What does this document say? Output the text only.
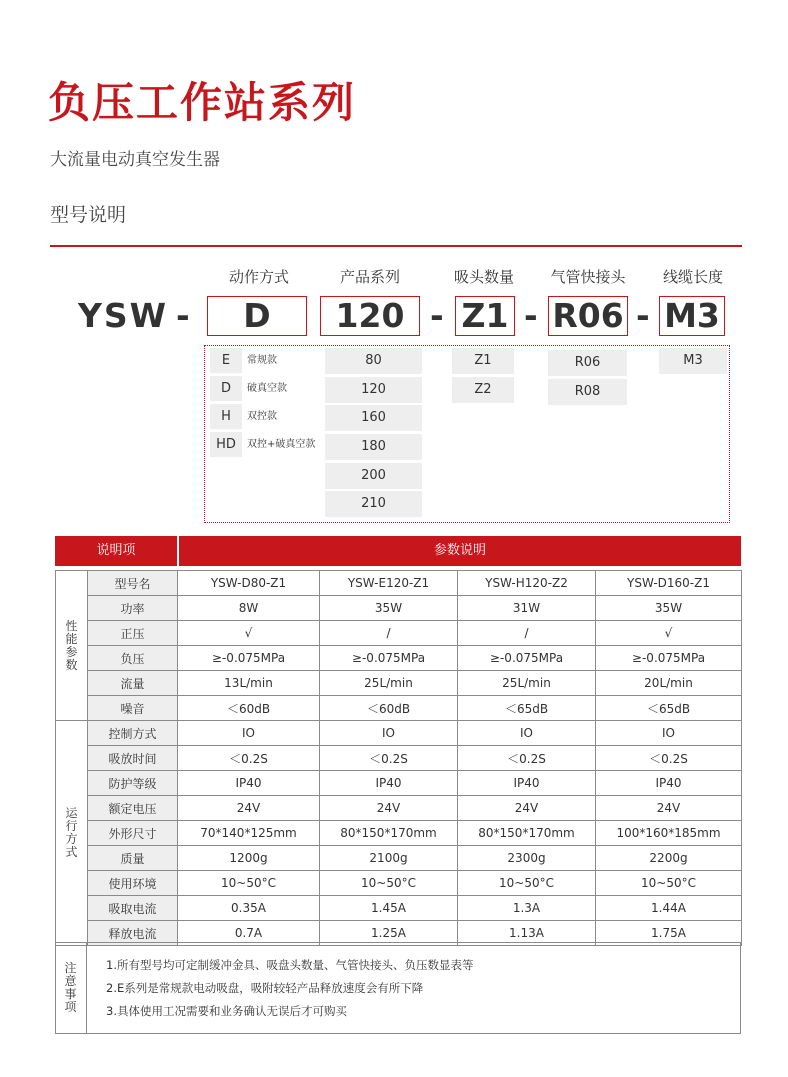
负压工作站系列
大流量电动真空发生器
型号说明
动作方式	产品系列	吸头数量	气管快接头	线缆长度
YSW -	D	120 - Z1 - R06 - M3
E	常规款
D	破真空款
H	双控款
HD	双控+破真空款
80
120
160
180
200
210
Z1
Z2
R06
R08
M3
说明项	参数说明
性能参数	型号名	YSW-D80-Z1	YSW-E120-Z1	YSW-H120-Z2	YSW-D160-Z1
	功率	8W	35W	31W	35W
	正压	√	/	/	√
	负压	≥-0.075MPa	≥-0.075MPa	≥-0.075MPa	≥-0.075MPa
	流量	13L/min	25L/min	25L/min	20L/min
	噪音	＜60dB	＜60dB	＜65dB	＜65dB
运行方式	控制方式	IO	IO	IO	IO
	吸放时间	＜0.2S	＜0.2S	＜0.2S	＜0.2S
	防护等级	IP40	IP40	IP40	IP40
	额定电压	24V	24V	24V	24V
	外形尺寸	70*140*125mm	80*150*170mm	80*150*170mm	100*160*185mm
	质量	1200g	2100g	2300g	2200g
	使用环境	10~50°C	10~50°C	10~50°C	10~50°C
	吸取电流	0.35A	1.45A	1.3A	1.44A
	释放电流	0.7A	1.25A	1.13A	1.75A
注意事项
1.所有型号均可定制缓冲金具、吸盘头数量、气管快接头、负压数显表等
2.E系列是常规款电动吸盘，吸附较轻产品释放速度会有所下降
3.具体使用工况需要和业务确认无误后才可购买
